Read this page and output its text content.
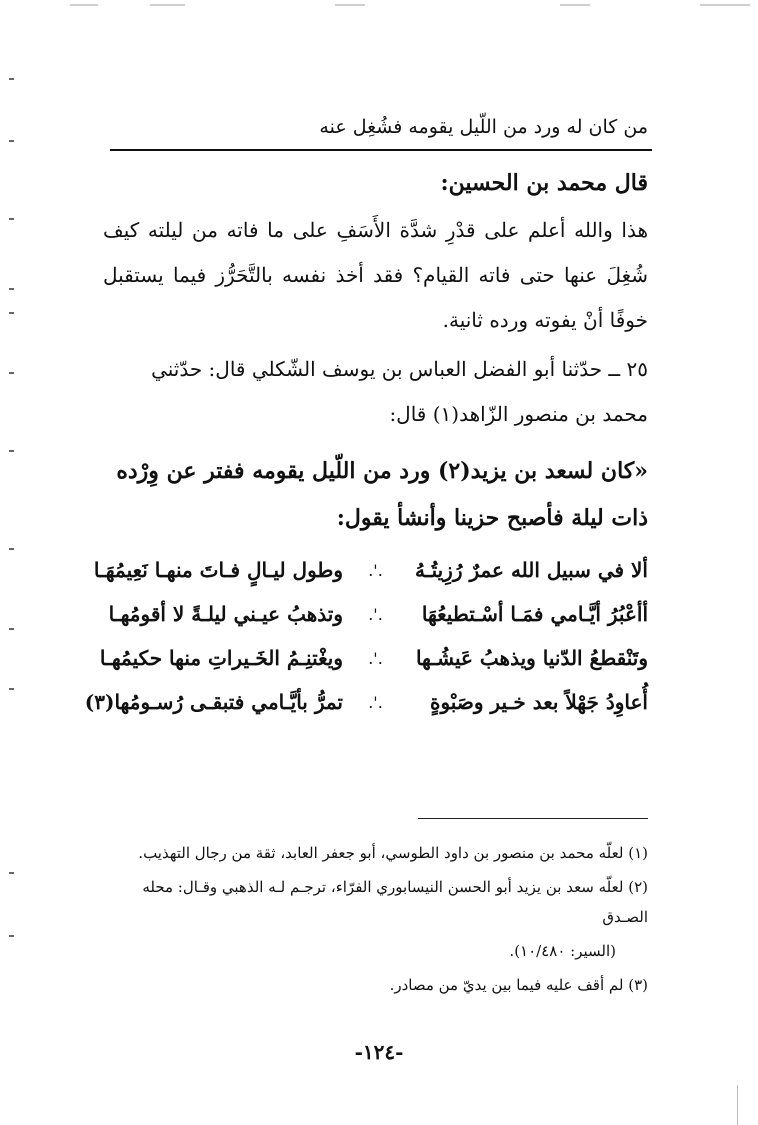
من كان له ورد من اللّيل يقومه فشُغِل عنه
قال محمد بن الحسين:
هذا والله أعلم على قدْرِ شدَّة الأَسَفِ على ما فاته من ليلته كيف شُغِلَ عنها حتى فاته القيام؟ فقد أخذ نفسه بالتَّحَرُّز فيما يستقبل خوفًا أنْ يفوته ورده ثانية.
٢٥ ــ حدّثنا أبو الفضل العباس بن يوسف الشّكلي قال: حدّثني محمد بن منصور الزّاهد(١) قال:
«كان لسعد بن يزيد(٢) ورد من اللّيل يقومه ففتر عن وِرْده ذات ليلة فأصبح حزينا وأنشأ يقول:
ألا في سبيل الله عمرٌ رُزِيتُـهُ
.'.
وطول ليـالٍ فـاتَ منهـا نَعِيمُهَـا
أأعْبُرُ أيَّـامي فمَـا أسْـتطيعُهَا
.'.
وتذهبُ عيـني ليلـةً لا أقومُهـا
وتَنْقطعُ الدّنيا ويذهبُ عَيشُـها
.'.
ويغْتنِـمُ الخَـيراتِ منها حكيمُهـا
أُعاوِدُ جَهْلاً بعد خـير وصَبْوةٍ
.'.
تمرُّ بأيَّـامي فتبقـى رُسـومُها(٣)
(١) لعلّه محمد بن منصور بن داود الطوسي، أبو جعفر العابد، ثقة من رجال التهذيب.
(٢) لعلّه سعد بن يزيد أبو الحسن النيسابوري الفرّاء، ترجـم لـه الذهبي وقـال: محله الصـدق
(السير: ١٠/٤٨٠).
(٣) لم أقف عليه فيما بين يديّ من مصادر.
-١٢٤-
